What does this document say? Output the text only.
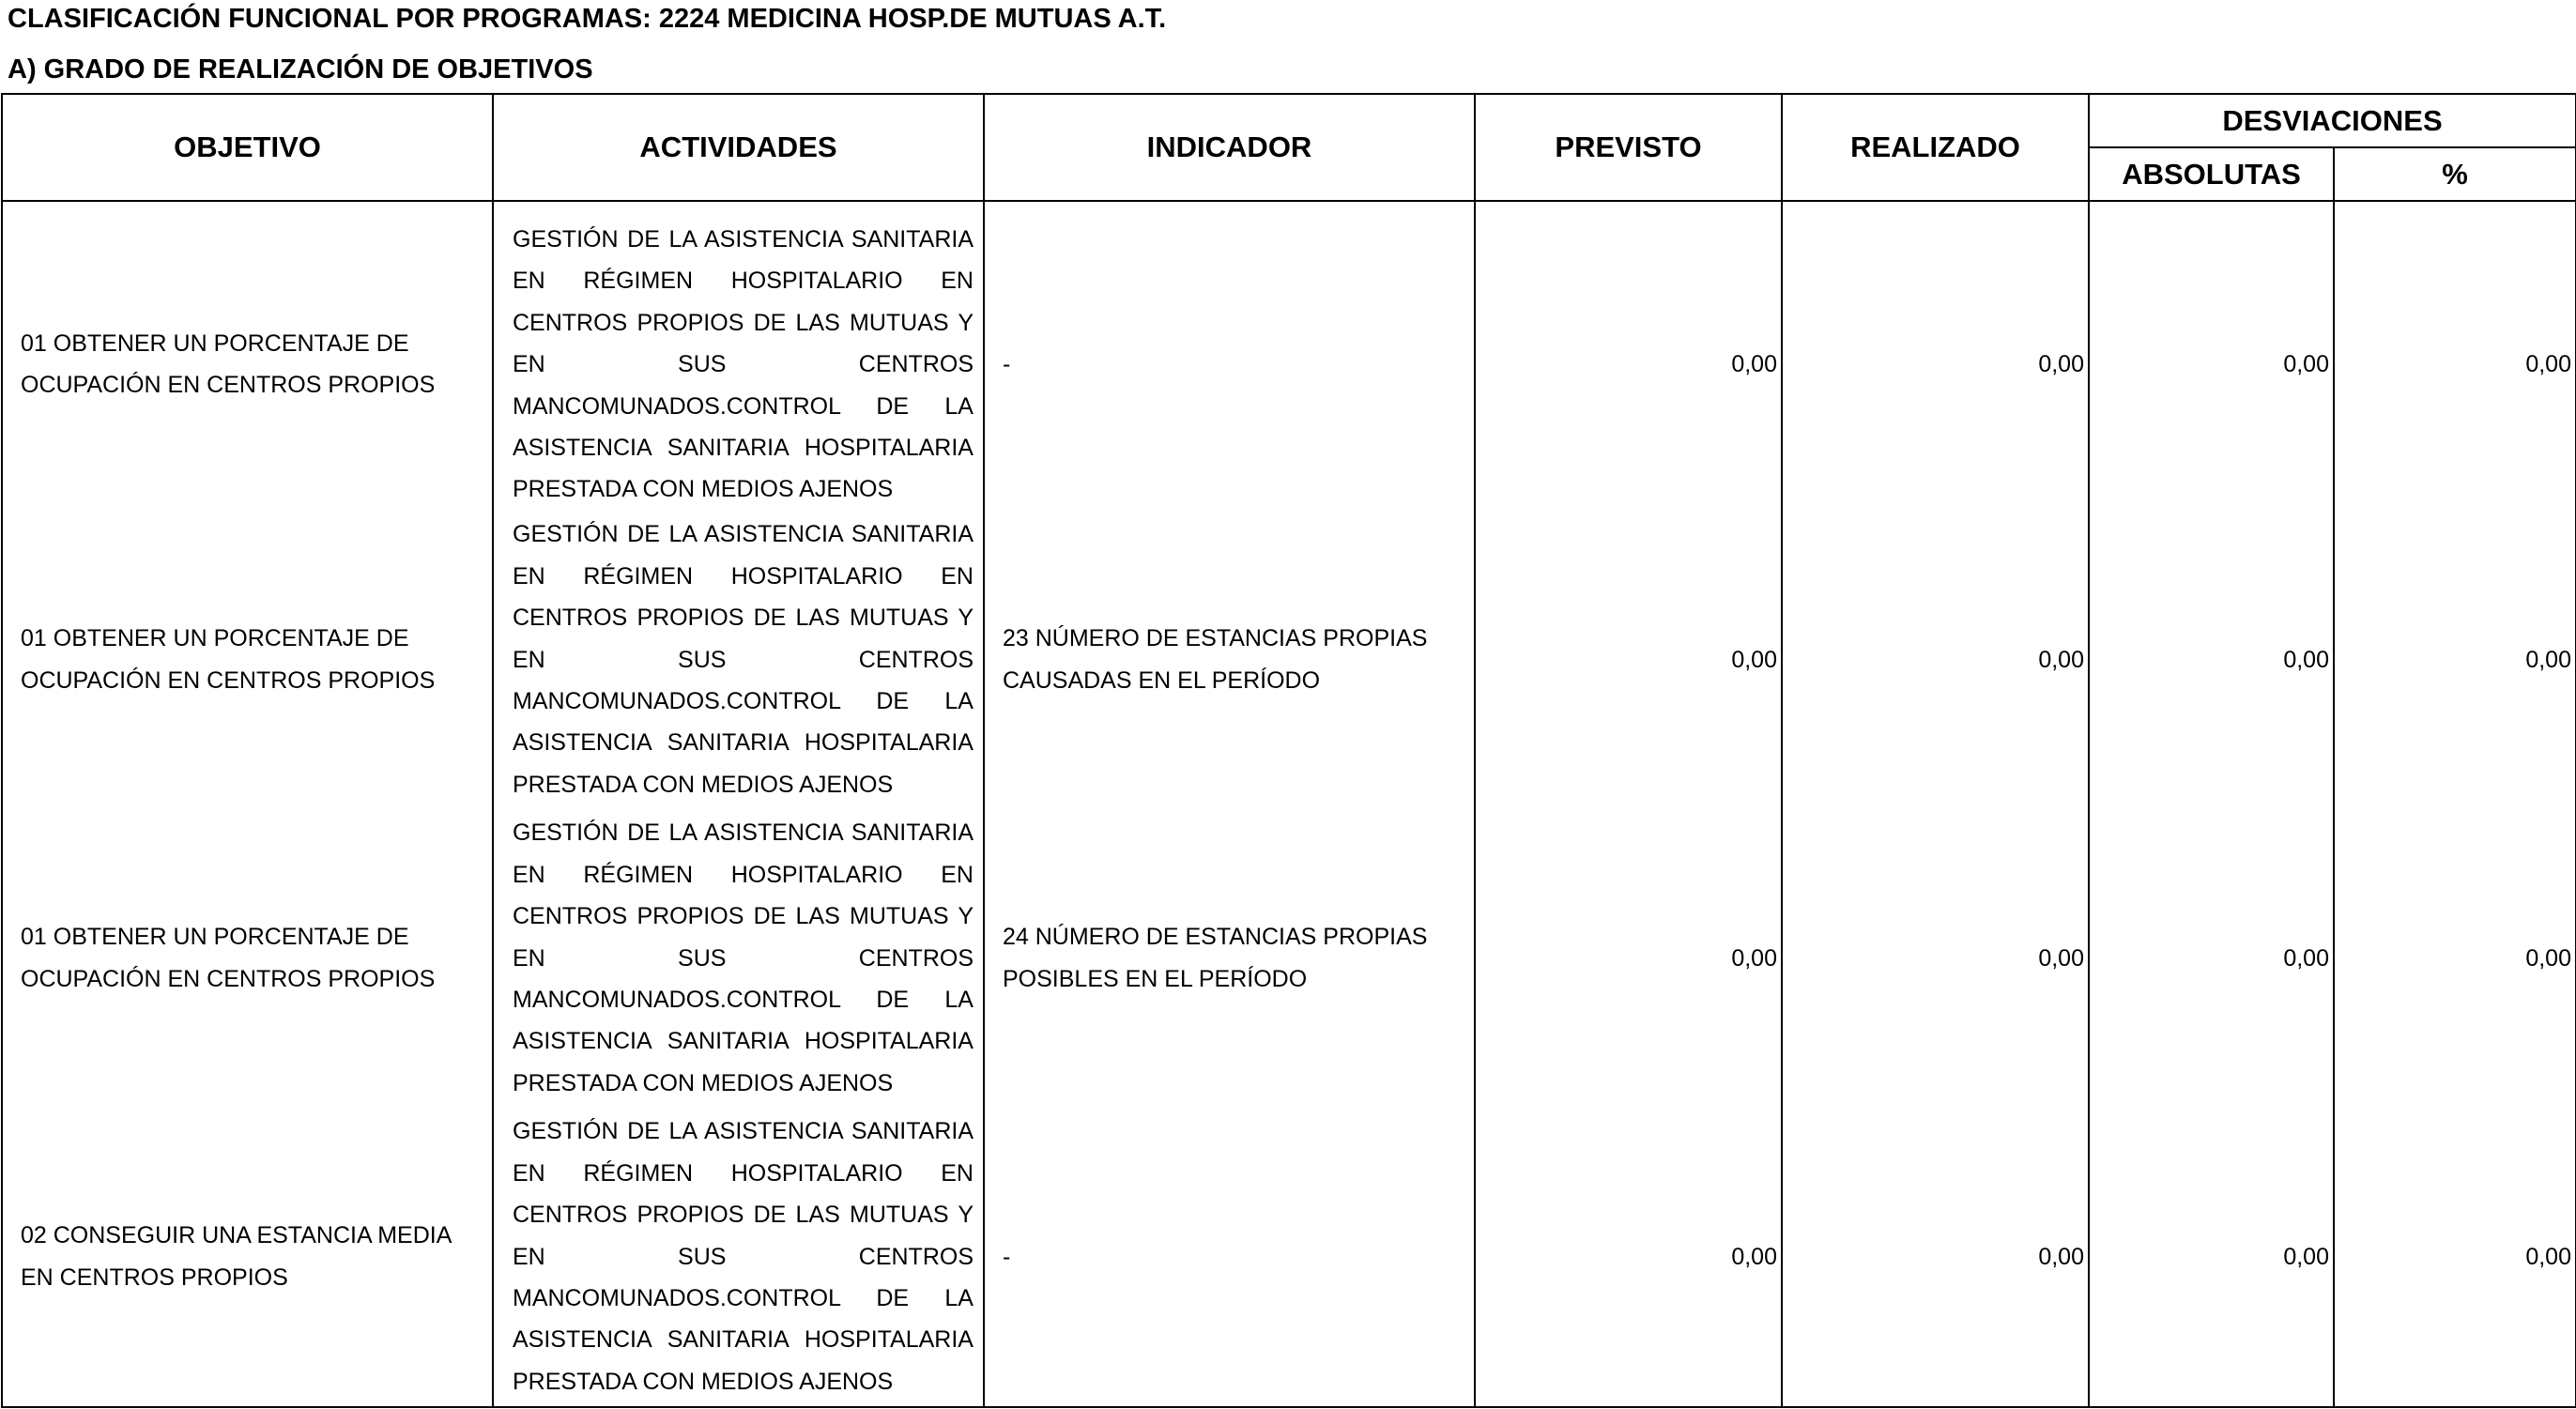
CLASIFICACIÓN FUNCIONAL POR PROGRAMAS: 2224 MEDICINA HOSP.DE MUTUAS A.T.
A) GRADO DE REALIZACIÓN DE OBJETIVOS
OBJETIVO	ACTIVIDADES	INDICADOR	PREVISTO	REALIZADO	DESVIACIONES	
					ABSOLUTAS	%
01 OBTENER UN PORCENTAJE DE OCUPACIÓN EN CENTROS PROPIOS	GESTIÓN DE LA ASISTENCIA SANITARIA EN RÉGIMEN HOSPITALARIO EN CENTROS PROPIOS DE LAS MUTUAS Y EN SUS CENTROS MANCOMUNADOS.CONTROL DE LA ASISTENCIA SANITARIA HOSPITALARIA PRESTADA CON MEDIOS AJENOS	-	0,00	0,00	0,00	0,00
01 OBTENER UN PORCENTAJE DE OCUPACIÓN EN CENTROS PROPIOS	GESTIÓN DE LA ASISTENCIA SANITARIA EN RÉGIMEN HOSPITALARIO EN CENTROS PROPIOS DE LAS MUTUAS Y EN SUS CENTROS MANCOMUNADOS.CONTROL DE LA ASISTENCIA SANITARIA HOSPITALARIA PRESTADA CON MEDIOS AJENOS	23 NÚMERO DE ESTANCIAS PROPIAS CAUSADAS EN EL PERÍODO	0,00	0,00	0,00	0,00
01 OBTENER UN PORCENTAJE DE OCUPACIÓN EN CENTROS PROPIOS	GESTIÓN DE LA ASISTENCIA SANITARIA EN RÉGIMEN HOSPITALARIO EN CENTROS PROPIOS DE LAS MUTUAS Y EN SUS CENTROS MANCOMUNADOS.CONTROL DE LA ASISTENCIA SANITARIA HOSPITALARIA PRESTADA CON MEDIOS AJENOS	24 NÚMERO DE ESTANCIAS PROPIAS POSIBLES EN EL PERÍODO	0,00	0,00	0,00	0,00
02 CONSEGUIR UNA ESTANCIA MEDIA EN CENTROS PROPIOS	GESTIÓN DE LA ASISTENCIA SANITARIA EN RÉGIMEN HOSPITALARIO EN CENTROS PROPIOS DE LAS MUTUAS Y EN SUS CENTROS MANCOMUNADOS.CONTROL DE LA ASISTENCIA SANITARIA HOSPITALARIA PRESTADA CON MEDIOS AJENOS	-	0,00	0,00	0,00	0,00
